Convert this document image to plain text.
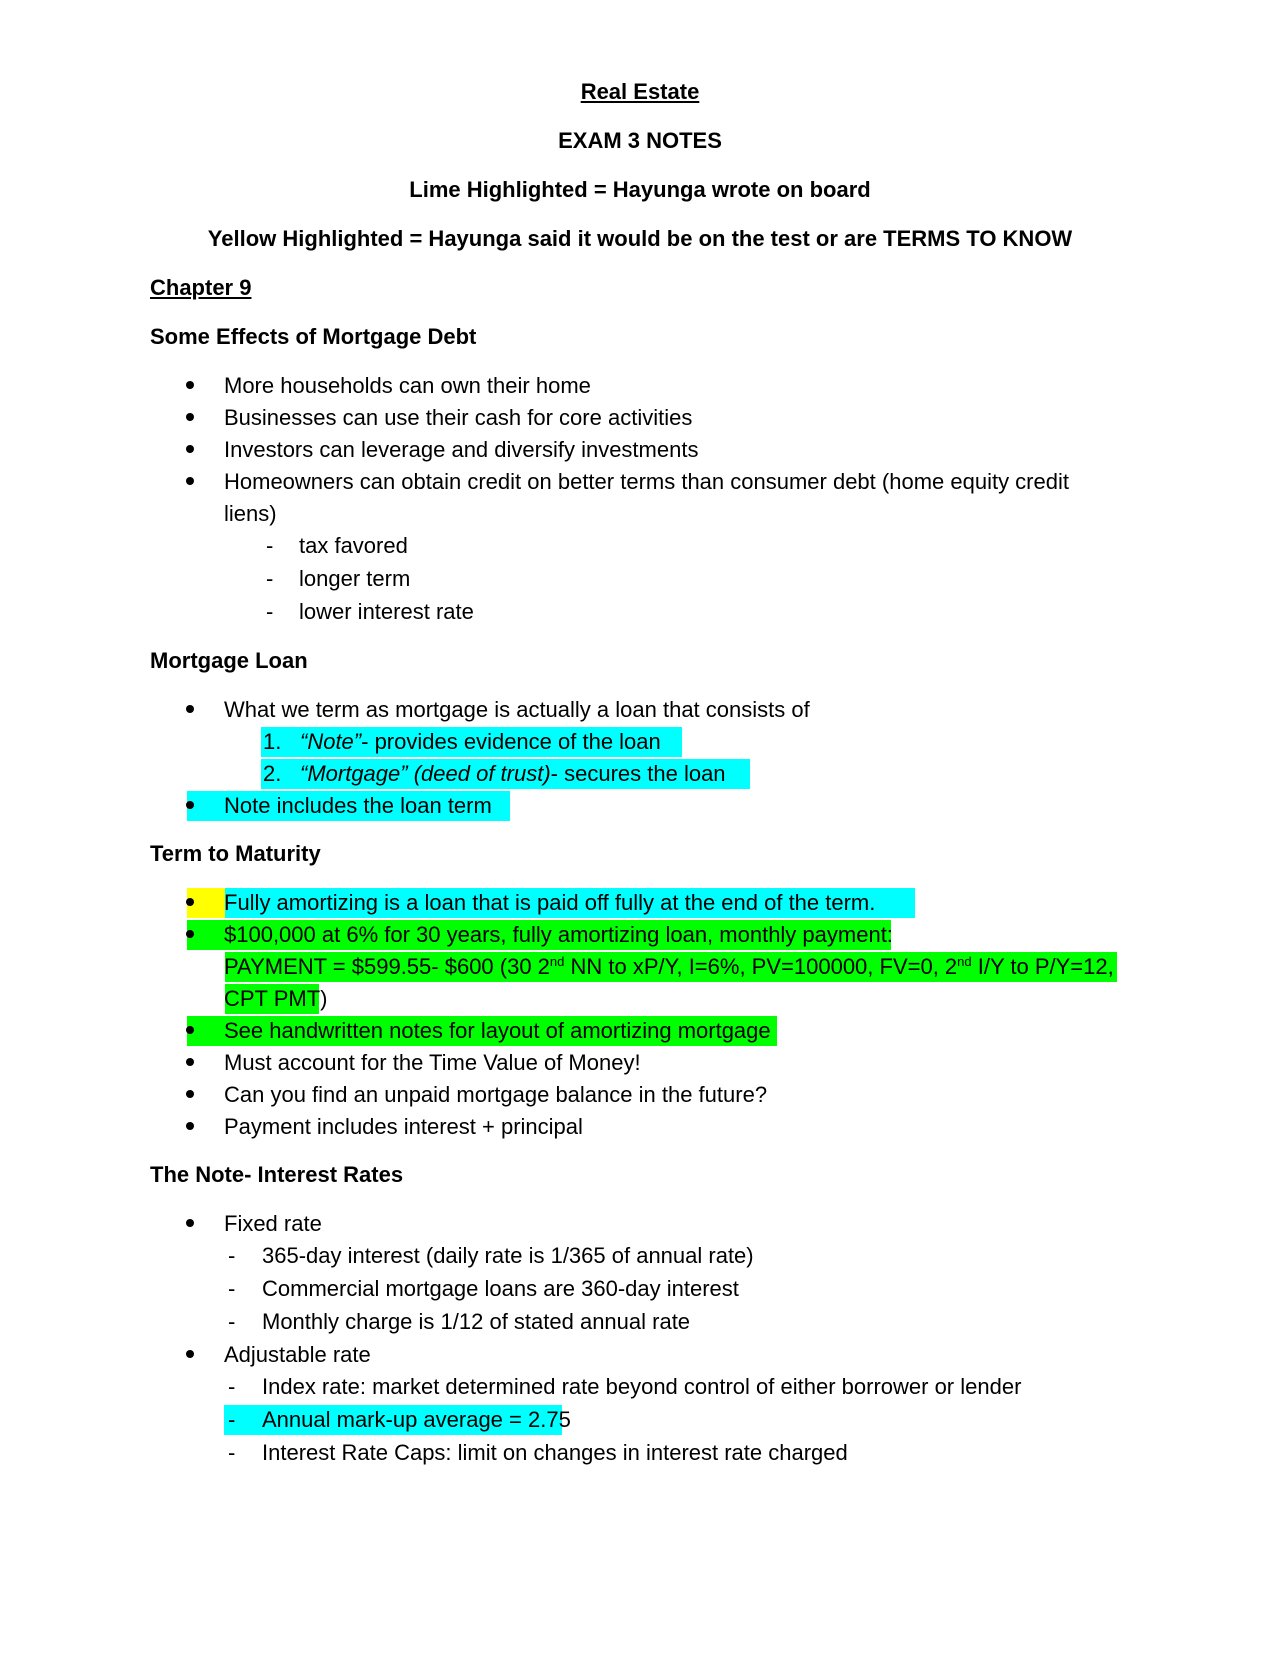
Real Estate

EXAM 3 NOTES

Lime Highlighted = Hayunga wrote on board

Yellow Highlighted = Hayunga said it would be on the test or are TERMS TO KNOW

Chapter 9

Some Effects of Mortgage Debt

More households can own their home
Businesses can use their cash for core activities
Investors can leverage and diversify investments
Homeowners can obtain credit on better terms than consumer debt (home equity credit liens)
- tax favored
- longer term
- lower interest rate

Mortgage Loan

What we term as mortgage is actually a loan that consists of
1. “Note”- provides evidence of the loan
2. “Mortgage” (deed of trust)- secures the loan
Note includes the loan term

Term to Maturity

Fully amortizing is a loan that is paid off fully at the end of the term.
$100,000 at 6% for 30 years, fully amortizing loan, monthly payment:
PAYMENT = $599.55- $600 (30 2nd NN to xP/Y, I=6%, PV=100000, FV=0, 2nd I/Y to P/Y=12,
CPT PMT)
See handwritten notes for layout of amortizing mortgage
Must account for the Time Value of Money!
Can you find an unpaid mortgage balance in the future?
Payment includes interest + principal

The Note- Interest Rates

Fixed rate
- 365-day interest (daily rate is 1/365 of annual rate)
- Commercial mortgage loans are 360-day interest
- Monthly charge is 1/12 of stated annual rate
Adjustable rate
- Index rate: market determined rate beyond control of either borrower or lender
- Annual mark-up average = 2.75
- Interest Rate Caps: limit on changes in interest rate charged
